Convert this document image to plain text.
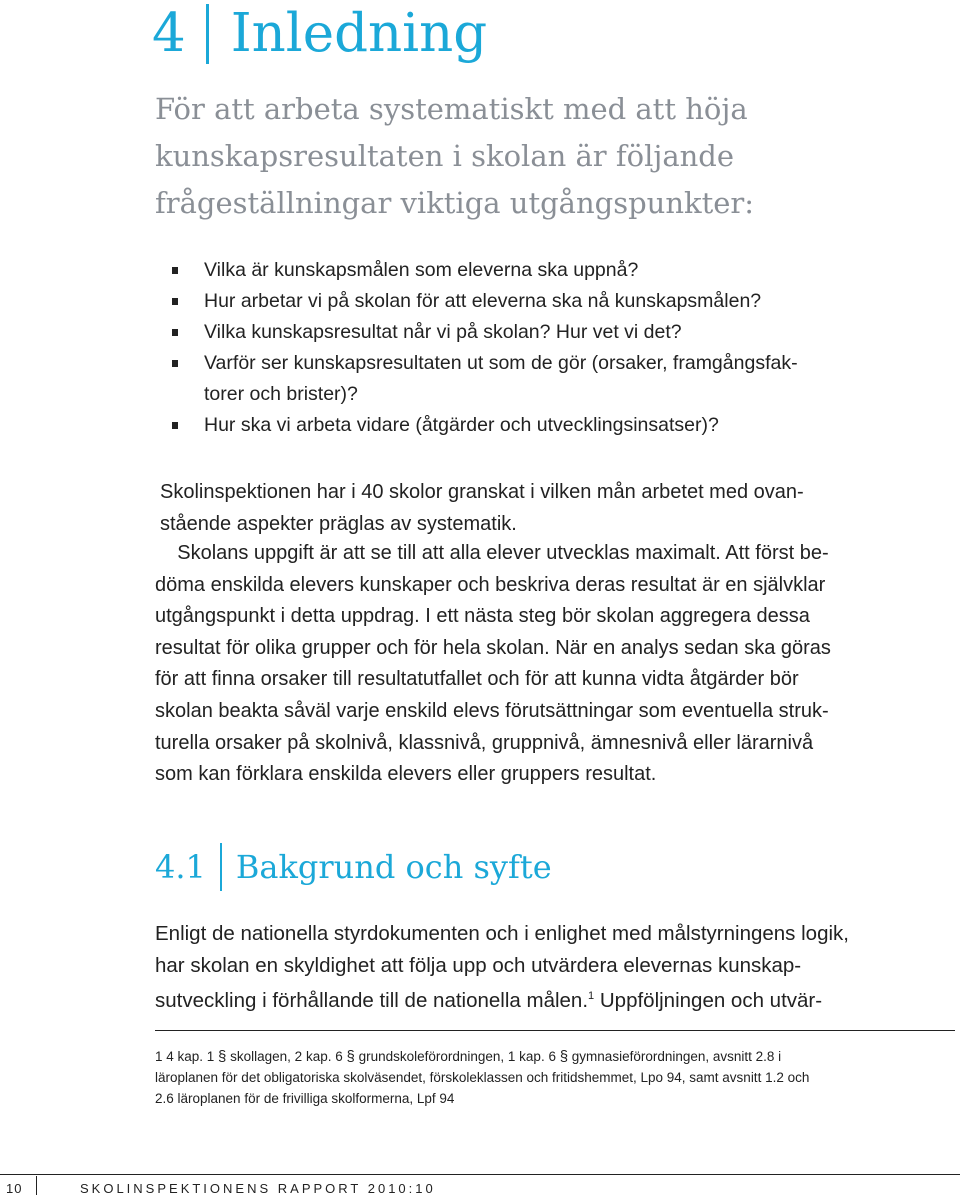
4 Inledning
För att arbeta systematiskt med att höja
kunskapsresultaten i skolan är följande
frågeställningar viktiga utgångspunkter:
Vilka är kunskapsmålen som eleverna ska uppnå?
Hur arbetar vi på skolan för att eleverna ska nå kunskapsmålen?
Vilka kunskapsresultat når vi på skolan? Hur vet vi det?
Varför ser kunskapsresultaten ut som de gör (orsaker, framgångsfak-
torer och brister)?
Hur ska vi arbeta vidare (åtgärder och utvecklingsinsatser)?
Skolinspektionen har i 40 skolor granskat i vilken mån arbetet med ovan-
stående aspekter präglas av systematik.
Skolans uppgift är att se till att alla elever utvecklas maximalt. Att först be-
döma enskilda elevers kunskaper och beskriva deras resultat är en självklar
utgångspunkt i detta uppdrag. I ett nästa steg bör skolan aggregera dessa
resultat för olika grupper och för hela skolan. När en analys sedan ska göras
för att finna orsaker till resultatutfallet och för att kunna vidta åtgärder bör
skolan beakta såväl varje enskild elevs förutsättningar som eventuella struk-
turella orsaker på skolnivå, klassnivå, gruppnivå, ämnesnivå eller lärarnivå
som kan förklara enskilda elevers eller gruppers resultat.
4.1 Bakgrund och syfte
Enligt de nationella styrdokumenten och i enlighet med målstyrningens logik,
har skolan en skyldighet att följa upp och utvärdera elevernas kunskap-
sutveckling i förhållande till de nationella målen.$^1$ Uppföljningen och utvär-
1 4 kap. 1 § skollagen, 2 kap. 6 § grundskoleförordningen, 1 kap. 6 § gymnasieförordningen, avsnitt 2.8 i
läroplanen för det obligatoriska skolväsendet, förskoleklassen och fritidshemmet, Lpo 94, samt avsnitt 1.2 och
2.6 läroplanen för de frivilliga skolformerna, Lpf 94
10	SKOLINSPEKTIONENS RAPPORT 2010:10
